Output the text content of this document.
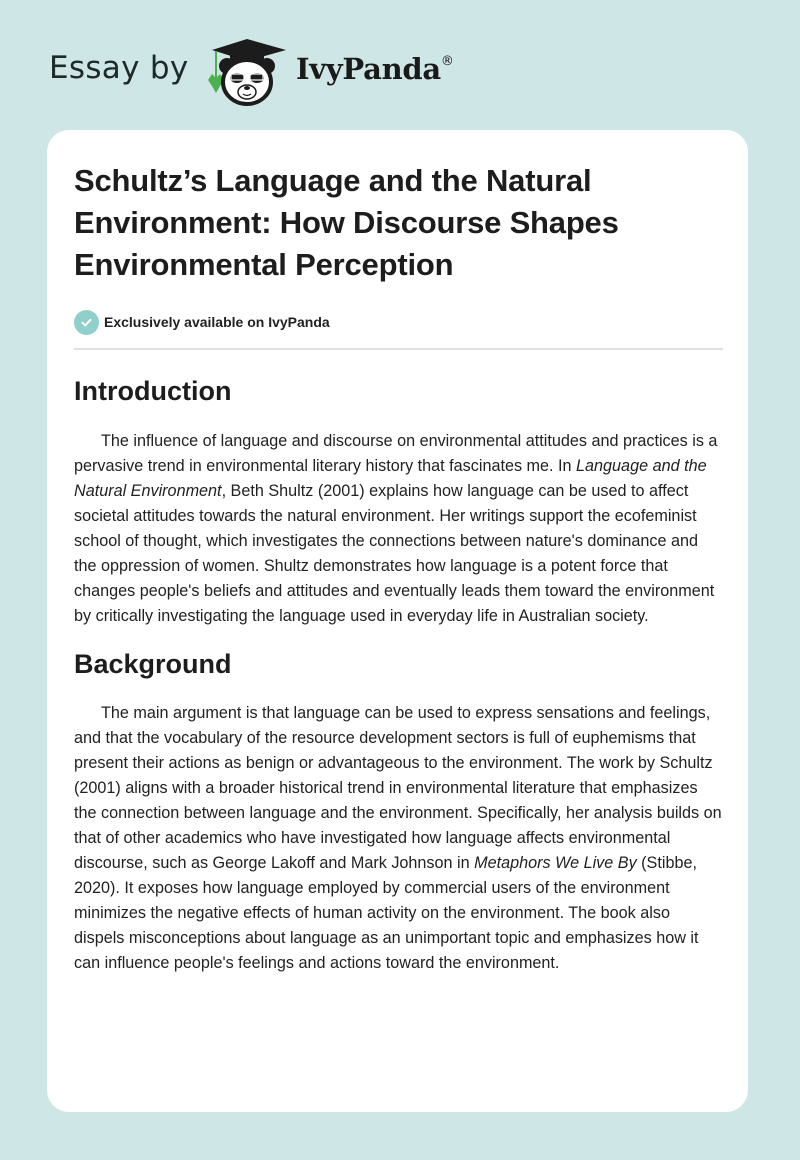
Essay by	IvyPanda®
Schultz’s Language and the Natural Environment: How Discourse Shapes Environmental Perception
Exclusively available on IvyPanda
Introduction

The influence of language and discourse on environmental attitudes and practices is a pervasive trend in environmental literary history that fascinates me. In Language and the Natural Environment, Beth Shultz (2001) explains how language can be used to affect societal attitudes towards the natural environment. Her writings support the ecofeminist school of thought, which investigates the connections between nature's dominance and the oppression of women. Shultz demonstrates how language is a potent force that changes people's beliefs and attitudes and eventually leads them toward the environment by critically investigating the language used in everyday life in Australian society.

Background

The main argument is that language can be used to express sensations and feelings, and that the vocabulary of the resource development sectors is full of euphemisms that present their actions as benign or advantageous to the environment. The work by Schultz (2001) aligns with a broader historical trend in environmental literature that emphasizes the connection between language and the environment. Specifically, her analysis builds on that of other academics who have investigated how language affects environmental discourse, such as George Lakoff and Mark Johnson in Metaphors We Live By (Stibbe, 2020). It exposes how language employed by commercial users of the environment minimizes the negative effects of human activity on the environment. The book also dispels misconceptions about language as an unimportant topic and emphasizes how it can influence people's feelings and actions toward the environment.
